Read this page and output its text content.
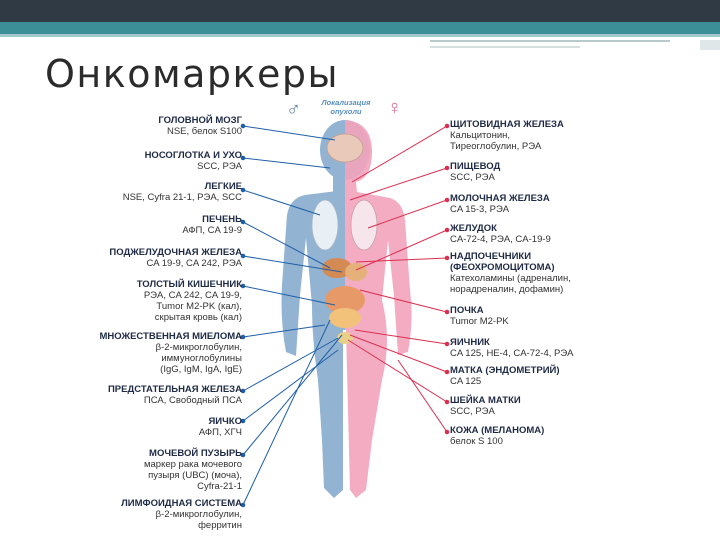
Онкомаркеры
♂	Локализация
опухоли	♀
ГОЛОВНОЙ МОЗГ
NSE, белок S100
НОСОГЛОТКА И УХО
SCC, РЭА
ЛЕГКИЕ
NSE, Cyfra 21-1, РЭА, SCC
ПЕЧЕНЬ
АФП, CA 19-9
ПОДЖЕЛУДОЧНАЯ ЖЕЛЕЗА
CA 19-9, CA 242, РЭА
ТОЛСТЫЙ КИШЕЧНИК
РЭА, CA 242, CA 19-9,
Tumor M2-PK (кал),
скрытая кровь (кал)
МНОЖЕСТВЕННАЯ МИЕЛОМА
β-2-микроглобулин,
иммуноглобулины
(IgG, IgM, IgA, IgE)
ПРЕДСТАТЕЛЬНАЯ ЖЕЛЕЗА
ПСА, Свободный ПСА
ЯИЧКО
АФП, ХГЧ
МОЧЕВОЙ ПУЗЫРЬ
маркер рака мочевого
пузыря (UBC) (моча),
Cyfra-21-1
ЛИМФОИДНАЯ СИСТЕМА
β-2-микроглобулин,
ферритин
ЩИТОВИДНАЯ ЖЕЛЕЗА
Кальцитонин,
Тиреоглобулин, РЭА
ПИЩЕВОД
SCC, РЭА
МОЛОЧНАЯ ЖЕЛЕЗА
CA 15-3, РЭА
ЖЕЛУДОК
CA-72-4, РЭА, CA-19-9
НАДПОЧЕЧНИКИ
(ФЕОХРОМОЦИТОМА)
Катехоламины (адреналин,
норадреналин, дофамин)
ПОЧКА
Tumor M2-PK
ЯИЧНИК
CA 125, HE-4, CA-72-4, РЭА
МАТКА (ЭНДОМЕТРИЙ)
CA 125
ШЕЙКА МАТКИ
SCC, РЭА
КОЖА (МЕЛАНОМА)
белок S 100
